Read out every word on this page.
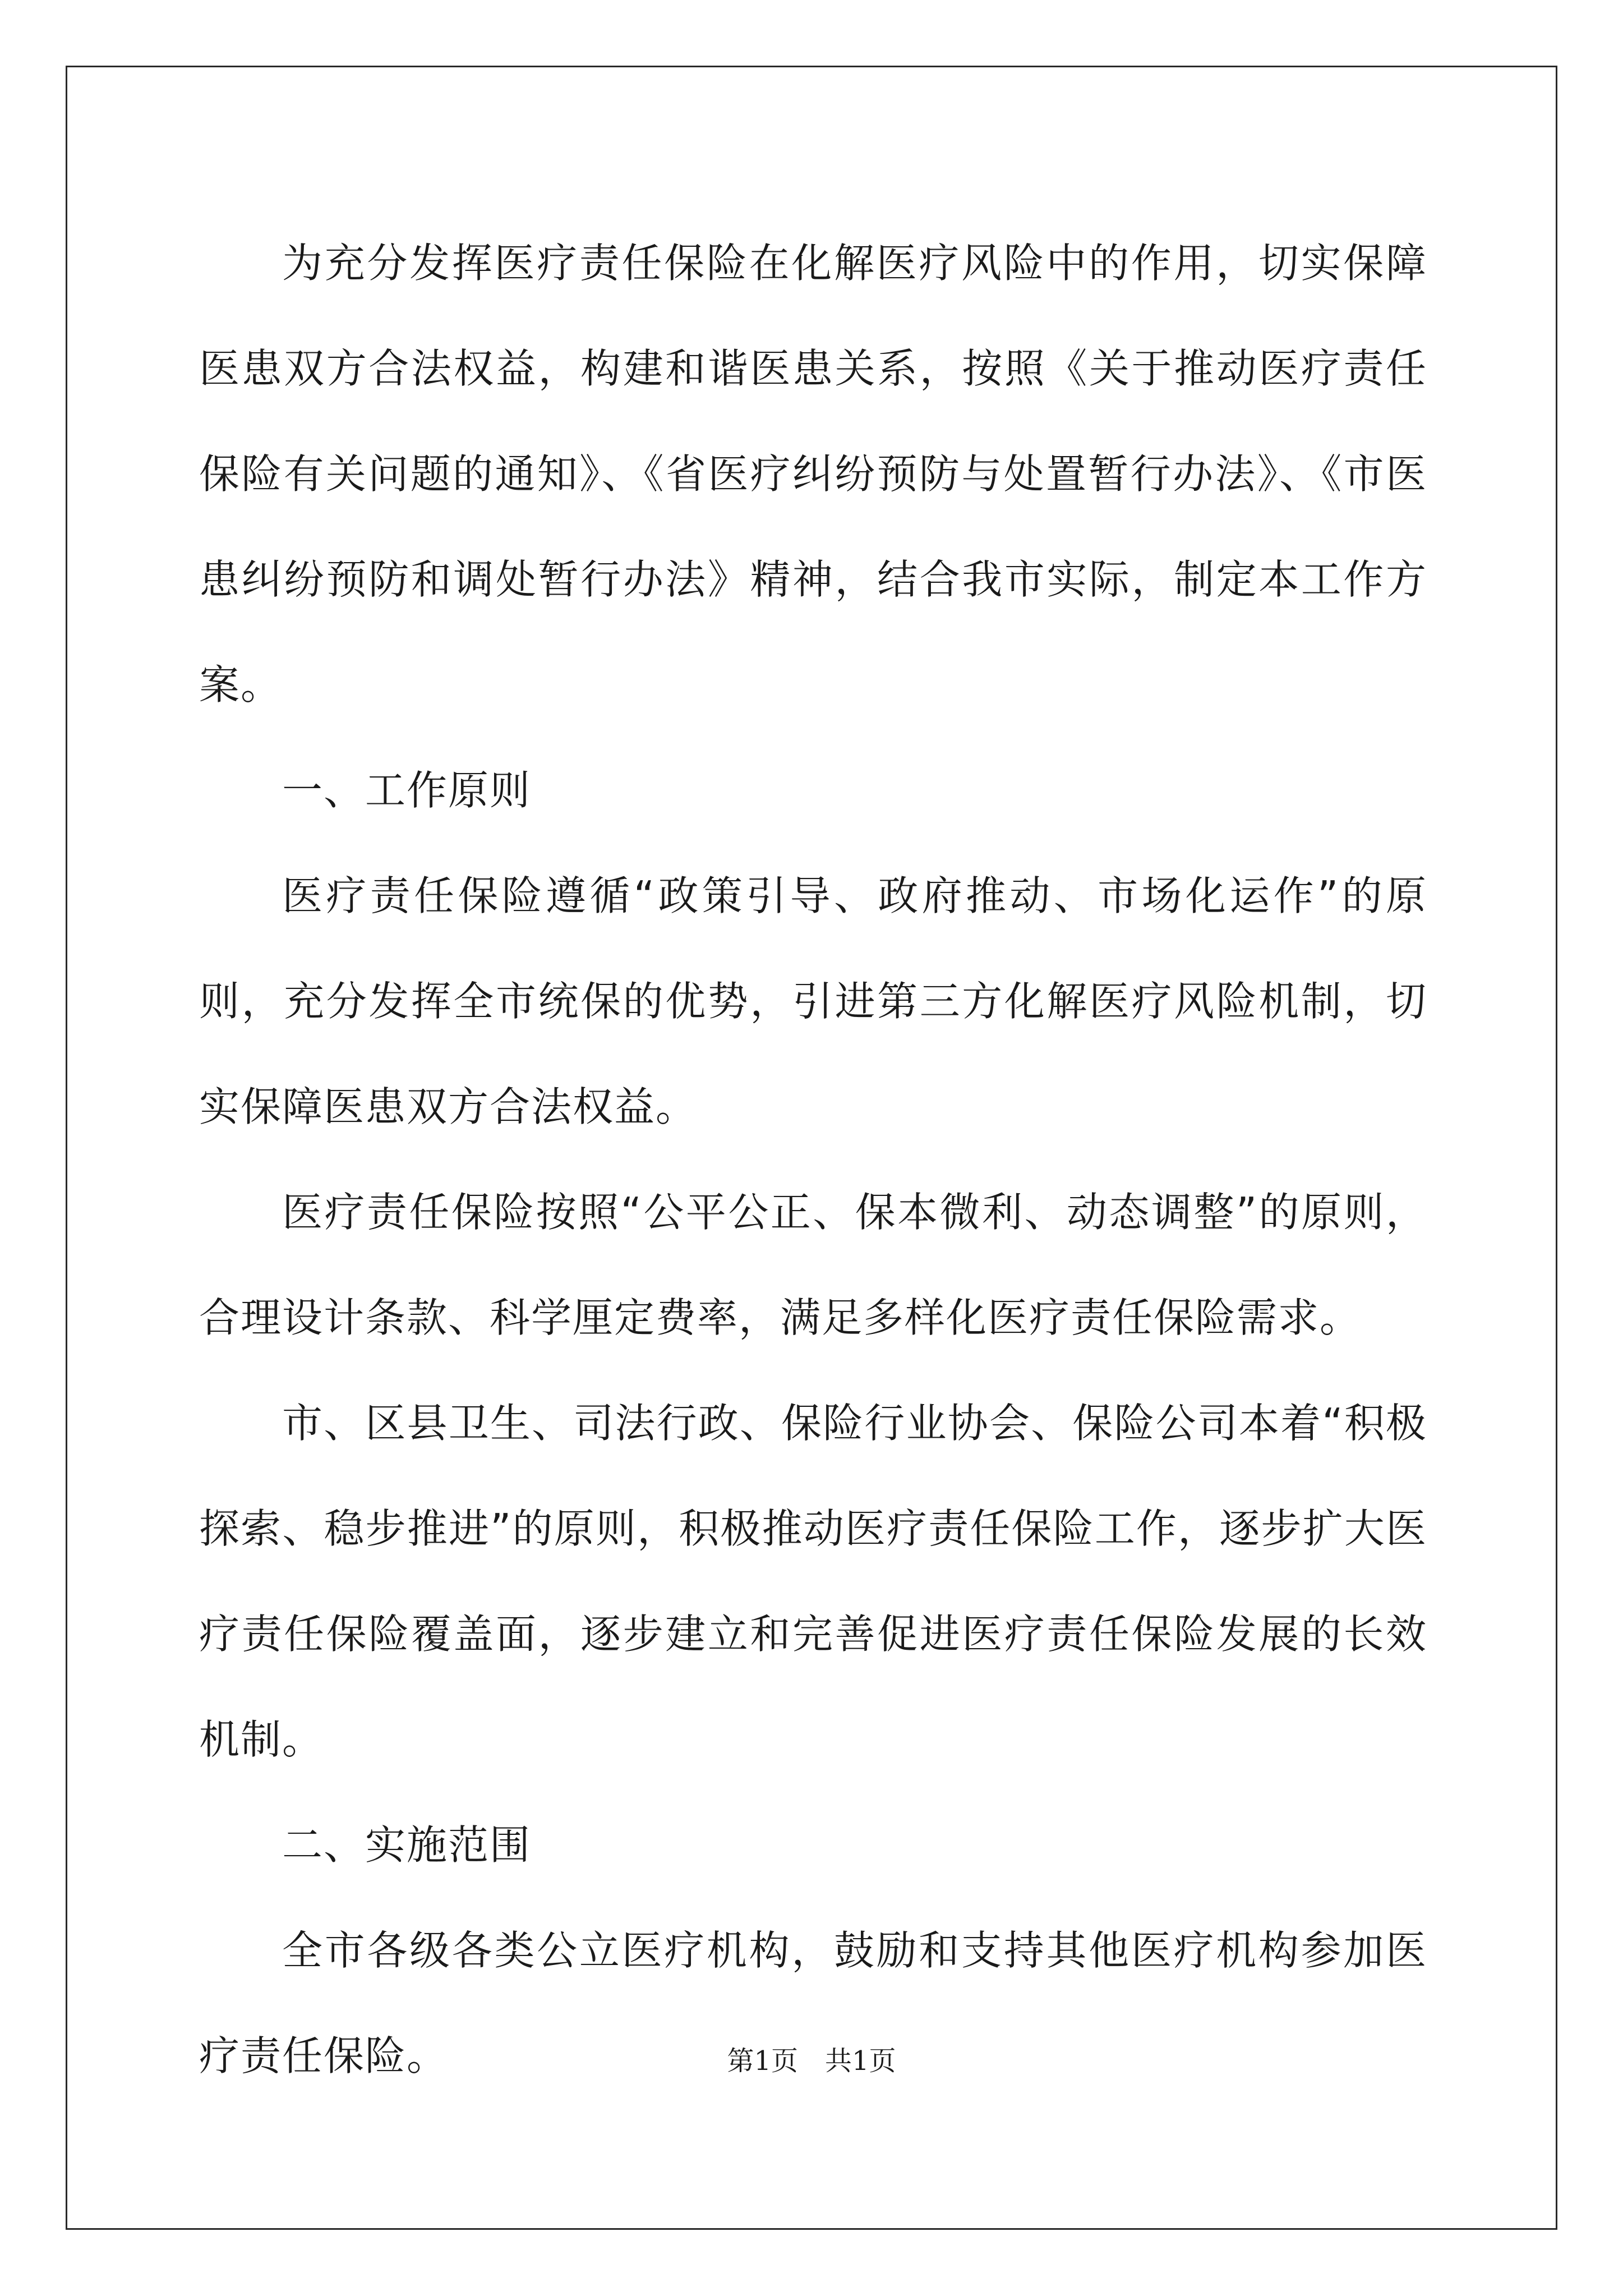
为充分发挥医疗责任保险在化解医疗风险中的作用，切实保障医患双方合法权益，构建和谐医患关系，按照《关于推动医疗责任保险有关问题的通知》、《省医疗纠纷预防与处置暂行办法》、《市医患纠纷预防和调处暂行办法》精神，结合我市实际，制定本工作方案。

一、工作原则

医疗责任保险遵循“政策引导、政府推动、市场化运作”的原则，充分发挥全市统保的优势，引进第三方化解医疗风险机制，切实保障医患双方合法权益。

医疗责任保险按照“公平公正、保本微利、动态调整”的原则，合理设计条款、科学厘定费率，满足多样化医疗责任保险需求。

市、区县卫生、司法行政、保险行业协会、保险公司本着“积极探索、稳步推进”的原则，积极推动医疗责任保险工作，逐步扩大医疗责任保险覆盖面，逐步建立和完善促进医疗责任保险发展的长效机制。

二、实施范围

全市各级各类公立医疗机构，鼓励和支持其他医疗机构参加医疗责任保险。	第1页 共1页
